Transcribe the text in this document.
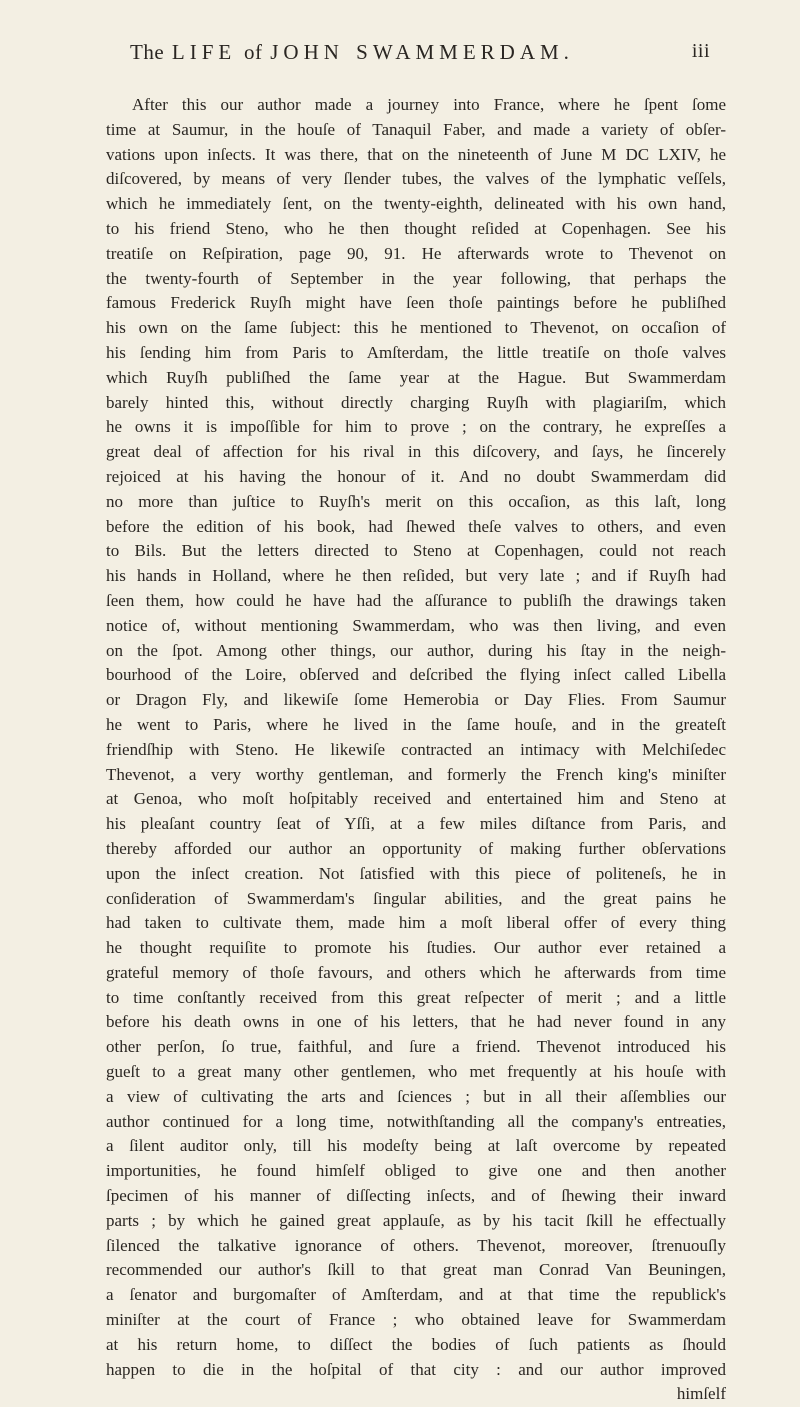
The LIFE of JOHN SWAMMERDAM.	iii
After this our author made a journey into France, where he ſpent ſome
time at Saumur, in the houſe of Tanaquil Faber, and made a variety of obſer-
vations upon inſects. It was there, that on the nineteenth of June M DC LXIV, he
diſcovered, by means of very ſlender tubes, the valves of the lymphatic veſſels,
which he immediately ſent, on the twenty-eighth, delineated with his own hand,
to his friend Steno, who he then thought reſided at Copenhagen. See his
treatiſe on Reſpiration, page 90, 91. He afterwards wrote to Thevenot on
the twenty-fourth of September in the year following, that perhaps the
famous Frederick Ruyſh might have ſeen thoſe paintings before he publiſhed
his own on the ſame ſubject: this he mentioned to Thevenot, on occaſion of
his ſending him from Paris to Amſterdam, the little treatiſe on thoſe valves
which Ruyſh publiſhed the ſame year at the Hague. But Swammerdam
barely hinted this, without directly charging Ruyſh with plagiariſm, which
he owns it is impoſſible for him to prove ; on the contrary, he expreſſes a
great deal of affection for his rival in this diſcovery, and ſays, he ſincerely
rejoiced at his having the honour of it. And no doubt Swammerdam did
no more than juſtice to Ruyſh's merit on this occaſion, as this laſt, long
before the edition of his book, had ſhewed theſe valves to others, and even
to Bils. But the letters directed to Steno at Copenhagen, could not reach
his hands in Holland, where he then reſided, but very late ; and if Ruyſh had
ſeen them, how could he have had the aſſurance to publiſh the drawings taken
notice of, without mentioning Swammerdam, who was then living, and even
on the ſpot. Among other things, our author, during his ſtay in the neigh-
bourhood of the Loire, obſerved and deſcribed the flying inſect called Libella
or Dragon Fly, and likewiſe ſome Hemerobia or Day Flies. From Saumur
he went to Paris, where he lived in the ſame houſe, and in the greateſt
friendſhip with Steno. He likewiſe contracted an intimacy with Melchiſedec
Thevenot, a very worthy gentleman, and formerly the French king's miniſter
at Genoa, who moſt hoſpitably received and entertained him and Steno at
his pleaſant country ſeat of Yſſi, at a few miles diſtance from Paris, and
thereby afforded our author an opportunity of making further obſervations
upon the inſect creation. Not ſatisfied with this piece of politeneſs, he in
conſideration of Swammerdam's ſingular abilities, and the great pains he
had taken to cultivate them, made him a moſt liberal offer of every thing
he thought requiſite to promote his ſtudies. Our author ever retained a
grateful memory of thoſe favours, and others which he afterwards from time
to time conſtantly received from this great reſpecter of merit ; and a little
before his death owns in one of his letters, that he had never found in any
other perſon, ſo true, faithful, and ſure a friend. Thevenot introduced his
gueſt to a great many other gentlemen, who met frequently at his houſe with
a view of cultivating the arts and ſciences ; but in all their aſſemblies our
author continued for a long time, notwithſtanding all the company's entreaties,
a ſilent auditor only, till his modeſty being at laſt overcome by repeated
importunities, he found himſelf obliged to give one and then another
ſpecimen of his manner of diſſecting inſects, and of ſhewing their inward
parts ; by which he gained great applauſe, as by his tacit ſkill he effectually
ſilenced the talkative ignorance of others. Thevenot, moreover, ſtrenuouſly
recommended our author's ſkill to that great man Conrad Van Beuningen,
a ſenator and burgomaſter of Amſterdam, and at that time the republick's
miniſter at the court of France ; who obtained leave for Swammerdam
at his return home, to diſſect the bodies of ſuch patients as ſhould
happen to die in the hoſpital of that city : and our author improved
himſelf
